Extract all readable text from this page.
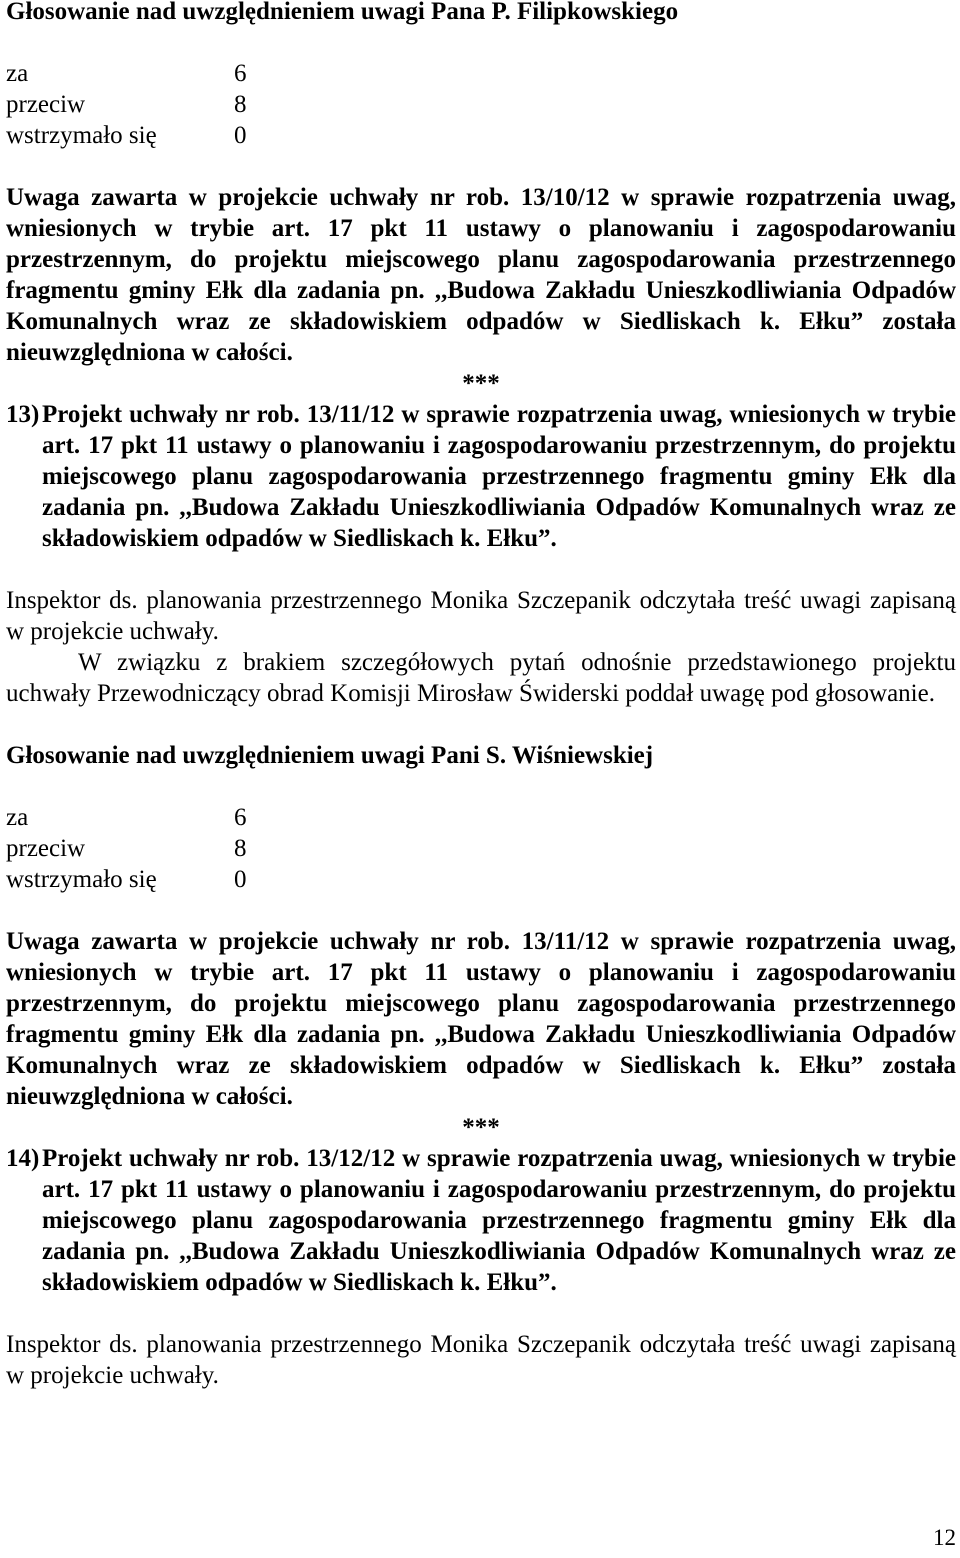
Głosowanie nad uwzględnieniem uwagi Pana P. Filipkowskiego

za	6
przeciw	8
wstrzymało się	0

Uwaga zawarta w projekcie uchwały nr rob. 13/10/12 w sprawie rozpatrzenia uwag, wniesionych w trybie art. 17 pkt 11 ustawy o planowaniu i zagospodarowaniu przestrzennym, do projektu miejscowego planu zagospodarowania przestrzennego fragmentu gminy Ełk dla zadania pn. ,,Budowa Zakładu Unieszkodliwiania Odpadów Komunalnych wraz ze składowiskiem odpadów w Siedliskach k. Ełku” została nieuwzględniona w całości.

***

13) Projekt uchwały nr rob. 13/11/12 w sprawie rozpatrzenia uwag, wniesionych w trybie art. 17 pkt 11 ustawy o planowaniu i zagospodarowaniu przestrzennym, do projektu miejscowego planu zagospodarowania przestrzennego fragmentu gminy Ełk dla zadania pn. ,,Budowa Zakładu Unieszkodliwiania Odpadów Komunalnych wraz ze składowiskiem odpadów w Siedliskach k. Ełku”.

Inspektor ds. planowania przestrzennego Monika Szczepanik odczytała treść uwagi zapisaną w projekcie uchwały.

W związku z brakiem szczegółowych pytań odnośnie przedstawionego projektu uchwały Przewodniczący obrad Komisji Mirosław Świderski poddał uwagę pod głosowanie.

Głosowanie nad uwzględnieniem uwagi Pani S. Wiśniewskiej

za	6
przeciw	8
wstrzymało się	0

Uwaga zawarta w projekcie uchwały nr rob. 13/11/12 w sprawie rozpatrzenia uwag, wniesionych w trybie art. 17 pkt 11 ustawy o planowaniu i zagospodarowaniu przestrzennym, do projektu miejscowego planu zagospodarowania przestrzennego fragmentu gminy Ełk dla zadania pn. ,,Budowa Zakładu Unieszkodliwiania Odpadów Komunalnych wraz ze składowiskiem odpadów w Siedliskach k. Ełku” została nieuwzględniona w całości.

***

14) Projekt uchwały nr rob. 13/12/12 w sprawie rozpatrzenia uwag, wniesionych w trybie art. 17 pkt 11 ustawy o planowaniu i zagospodarowaniu przestrzennym, do projektu miejscowego planu zagospodarowania przestrzennego fragmentu gminy Ełk dla zadania pn. ,,Budowa Zakładu Unieszkodliwiania Odpadów Komunalnych wraz ze składowiskiem odpadów w Siedliskach k. Ełku”.

Inspektor ds. planowania przestrzennego Monika Szczepanik odczytała treść uwagi zapisaną w projekcie uchwały.

12
